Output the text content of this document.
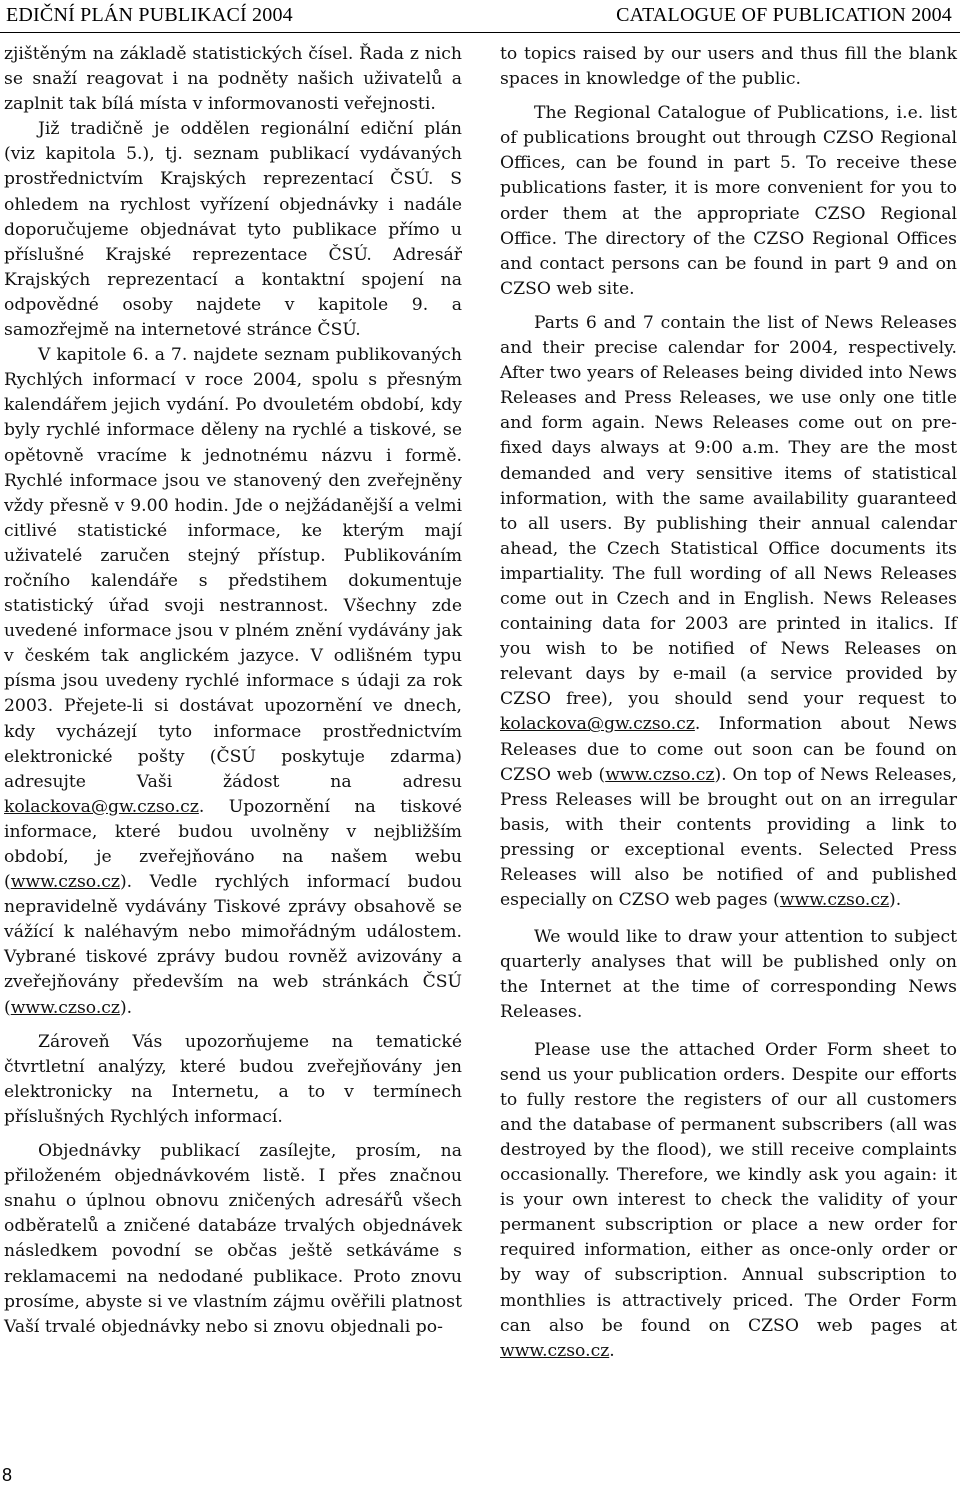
EDIČNÍ PLÁN PUBLIKACÍ 2004	CATALOGUE OF PUBLICATION 2004

zjištěným na základě statistických čísel. Řada z nich se snaží reagovat i na podněty našich uživatelů a zaplnit tak bílá místa v informovanosti veřejnosti.

Již tradičně je oddělen regionální ediční plán (viz kapitola 5.), tj. seznam publikací vydávaných prostřednictvím Krajských reprezentací ČSÚ. S ohledem na rychlost vyřízení objednávky i nadále doporučujeme objednávat tyto publikace přímo u příslušné Krajské reprezentace ČSÚ. Adresář Krajských reprezentací a kontaktní spojení na odpovědné osoby najdete v kapitole 9. a samozřejmě na internetové stránce ČSÚ.

V kapitole 6. a 7. najdete seznam publikovaných Rychlých informací v roce 2004, spolu s přesným kalendářem jejich vydání. Po dvouletém období, kdy byly rychlé informace děleny na rychlé a tiskové, se opětovně vracíme k jednotnému názvu i formě. Rychlé informace jsou ve stanovený den zveřejněny vždy přesně v 9.00 hodin. Jde o nejžádanější a velmi citlivé statistické informace, ke kterým mají uživatelé zaručen stejný přístup. Publikováním ročního kalendáře s předstihem dokumentuje statistický úřad svoji nestrannost. Všechny zde uvedené informace jsou v plném znění vydávány jak v českém tak anglickém jazyce. V odlišném typu písma jsou uvedeny rychlé informace s údaji za rok 2003. Přejete-li si dostávat upozornění ve dnech, kdy vycházejí tyto informace prostřednictvím elektronické pošty (ČSÚ poskytuje zdarma) adresujte Vaši žádost na adresu kolackova@gw.czso.cz. Upozornění na tiskové informace, které budou uvolněny v nejbližším období, je zveřejňováno na našem webu (www.czso.cz). Vedle rychlých informací budou nepravidelně vydávány Tiskové zprávy obsahově se vážící k naléhavým nebo mimořádným událostem. Vybrané tiskové zprávy budou rovněž avizovány a zveřejňovány především na web stránkách ČSÚ (www.czso.cz).

Zároveň Vás upozorňujeme na tematické čtvrtletní analýzy, které budou zveřejňovány jen elektronicky na Internetu, a to v termínech příslušných Rychlých informací.

Objednávky publikací zasílejte, prosím, na přiloženém objednávkovém listě. I přes značnou snahu o úplnou obnovu zničených adresářů všech odběratelů a zničené databáze trvalých objednávek následkem povodní se občas ještě setkáváme s reklamacemi na nedodané publikace. Proto znovu prosíme, abyste si ve vlastním zájmu ověřili platnost Vaší trvalé objednávky nebo si znovu objednali po-

to topics raised by our users and thus fill the blank spaces in knowledge of the public.

The Regional Catalogue of Publications, i.e. list of publications brought out through CZSO Regional Offices, can be found in part 5. To receive these publications faster, it is more convenient for you to order them at the appropriate CZSO Regional Office. The directory of the CZSO Regional Offices and contact persons can be found in part 9 and on CZSO web site.

Parts 6 and 7 contain the list of News Releases and their precise calendar for 2004, respectively. After two years of Releases being divided into News Releases and Press Releases, we use only one title and form again. News Releases come out on pre-fixed days always at 9:00 a.m. They are the most demanded and very sensitive items of statistical information, with the same availability guaranteed to all users. By publishing their annual calendar ahead, the Czech Statistical Office documents its impartiality. The full wording of all News Releases come out in Czech and in English. News Releases containing data for 2003 are printed in italics. If you wish to be notified of News Releases on relevant days by e-mail (a service provided by CZSO free), you should send your request to kolackova@gw.czso.cz. Information about News Releases due to come out soon can be found on CZSO web (www.czso.cz). On top of News Releases, Press Releases will be brought out on an irregular basis, with their contents providing a link to pressing or exceptional events. Selected Press Releases will also be notified of and published especially on CZSO web pages (www.czso.cz).

We would like to draw your attention to subject quarterly analyses that will be published only on the Internet at the time of corresponding News Releases.

Please use the attached Order Form sheet to send us your publication orders. Despite our efforts to fully restore the registers of our all customers and the database of permanent subscribers (all was destroyed by the flood), we still receive complaints occasionally. Therefore, we kindly ask you again: it is your own interest to check the validity of your permanent subscription or place a new order for required information, either as once-only order or by way of subscription. Annual subscription to monthlies is attractively priced. The Order Form can also be found on CZSO web pages at www.czso.cz.

8
